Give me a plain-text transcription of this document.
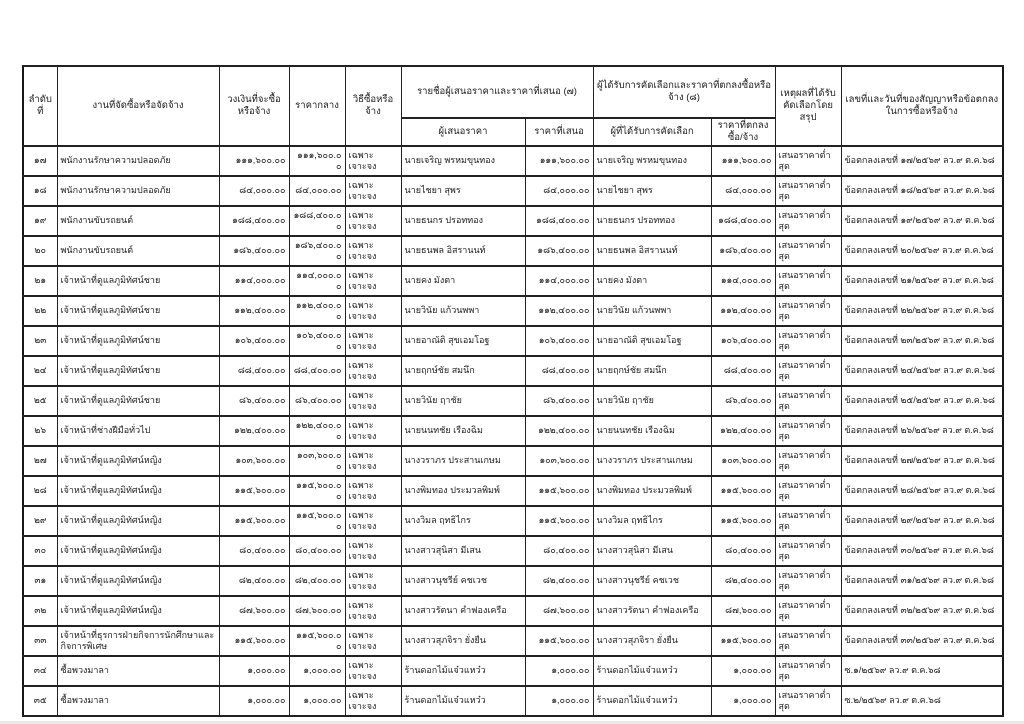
ลำดับที่	งานที่จัดซื้อหรือจัดจ้าง	วงเงินที่จะซื้อหรือจ้าง	ราคากลาง	วิธีซื้อหรือจ้าง	รายชื่อผู้เสนอราคาและราคาที่เสนอ (๗)		ผู้ได้รับการคัดเลือกและราคาที่ตกลงซื้อหรือจ้าง (๘)		เหตุผลที่ได้รับคัดเลือกโดยสรุป	เลขที่และวันที่ของสัญญาหรือข้อตกลงในการซื้อหรือจ้าง
					ผู้เสนอราคา	ราคาที่เสนอ	ผู้ที่ได้รับการคัดเลือก	ราคาที่ตกลงซื้อ/จ้าง		
๑๗	พนักงานรักษาความปลอดภัย	๑๑๑,๖๐๐.๐๐	๑๑๑,๖๐๐.๐๐	เฉพาะเจาะจง	นายเจริญ พรหมขุนทอง	๑๑๑,๖๐๐.๐๐	นายเจริญ พรหมขุนทอง	๑๑๑,๖๐๐.๐๐	เสนอราคาต่ำสุด	ข้อตกลงเลขที่ ๑๗/๒๕๖๙ ลว.๙ ต.ค.๖๘
๑๘	พนักงานรักษาความปลอดภัย	๘๔,๐๐๐.๐๐	๘๔,๐๐๐.๐๐	เฉพาะเจาะจง	นายไชยา สุพร	๘๔,๐๐๐.๐๐	นายไชยา สุพร	๘๔,๐๐๐.๐๐	เสนอราคาต่ำสุด	ข้อตกลงเลขที่ ๑๘/๒๕๖๙ ลว.๙ ต.ค.๖๘
๑๙	พนักงานขับรถยนต์	๑๘๘,๔๐๐.๐๐	๑๘๘,๔๐๐.๐๐	เฉพาะเจาะจง	นายธนกร ปรอททอง	๑๘๘,๔๐๐.๐๐	นายธนกร ปรอททอง	๑๘๘,๔๐๐.๐๐	เสนอราคาต่ำสุด	ข้อตกลงเลขที่ ๑๙/๒๕๖๙ ลว.๙ ต.ค.๖๘
๒๐	พนักงานขับรถยนต์	๑๘๖,๔๐๐.๐๐	๑๘๖,๔๐๐.๐๐	เฉพาะเจาะจง	นายธนพล อิสรานนท์	๑๘๖,๔๐๐.๐๐	นายธนพล อิสรานนท์	๑๘๖,๔๐๐.๐๐	เสนอราคาต่ำสุด	ข้อตกลงเลขที่ ๒๐/๒๕๖๙ ลว.๙ ต.ค.๖๘
๒๑	เจ้าหน้าที่ดูแลภูมิทัศน์ชาย	๑๑๔,๐๐๐.๐๐	๑๑๔,๐๐๐.๐๐	เฉพาะเจาะจง	นายคง มังตา	๑๑๔,๐๐๐.๐๐	นายคง มังตา	๑๑๔,๐๐๐.๐๐	เสนอราคาต่ำสุด	ข้อตกลงเลขที่ ๒๑/๒๕๖๙ ลว.๙ ต.ค.๖๘
๒๒	เจ้าหน้าที่ดูแลภูมิทัศน์ชาย	๑๑๒,๔๐๐.๐๐	๑๑๒,๔๐๐.๐๐	เฉพาะเจาะจง	นายวินัย แก้วนพพา	๑๑๒,๔๐๐.๐๐	นายวินัย แก้วนพพา	๑๑๒,๔๐๐.๐๐	เสนอราคาต่ำสุด	ข้อตกลงเลขที่ ๒๒/๒๕๖๙ ลว.๙ ต.ค.๖๘
๒๓	เจ้าหน้าที่ดูแลภูมิทัศน์ชาย	๑๐๖,๔๐๐.๐๐	๑๐๖,๔๐๐.๐๐	เฉพาะเจาะจง	นายอาณัติ สุขเอมโอฐ	๑๐๖,๔๐๐.๐๐	นายอาณัติ สุขเอมโอฐ	๑๐๖,๔๐๐.๐๐	เสนอราคาต่ำสุด	ข้อตกลงเลขที่ ๒๓/๒๕๖๙ ลว.๙ ต.ค.๖๘
๒๔	เจ้าหน้าที่ดูแลภูมิทัศน์ชาย	๘๘,๔๐๐.๐๐	๘๘,๔๐๐.๐๐	เฉพาะเจาะจง	นายฤกษ์ชัย สมนึก	๘๘,๔๐๐.๐๐	นายฤกษ์ชัย สมนึก	๘๘,๔๐๐.๐๐	เสนอราคาต่ำสุด	ข้อตกลงเลขที่ ๒๔/๒๕๖๙ ลว.๙ ต.ค.๖๘
๒๕	เจ้าหน้าที่ดูแลภูมิทัศน์ชาย	๘๖,๔๐๐.๐๐	๘๖,๔๐๐.๐๐	เฉพาะเจาะจง	นายวินัย ฤาชัย	๘๖,๔๐๐.๐๐	นายวินัย ฤาชัย	๘๖,๔๐๐.๐๐	เสนอราคาต่ำสุด	ข้อตกลงเลขที่ ๒๕/๒๕๖๙ ลว.๙ ต.ค.๖๘
๒๖	เจ้าหน้าที่ช่างฝีมือทั่วไป	๑๒๒,๔๐๐.๐๐	๑๒๒,๔๐๐.๐๐	เฉพาะเจาะจง	นายนนทชัย เรืองฉิม	๑๒๒,๔๐๐.๐๐	นายนนทชัย เรืองฉิม	๑๒๒,๔๐๐.๐๐	เสนอราคาต่ำสุด	ข้อตกลงเลขที่ ๒๖/๒๕๖๙ ลว.๙ ต.ค.๖๘
๒๗	เจ้าหน้าที่ดูแลภูมิทัศน์หญิง	๑๐๓,๖๐๐.๐๐	๑๐๓,๖๐๐.๐๐	เฉพาะเจาะจง	นางวราภร ประสานเกษม	๑๐๓,๖๐๐.๐๐	นางวราภร ประสานเกษม	๑๐๓,๖๐๐.๐๐	เสนอราคาต่ำสุด	ข้อตกลงเลขที่ ๒๗/๒๕๖๙ ลว.๙ ต.ค.๖๘
๒๘	เจ้าหน้าที่ดูแลภูมิทัศน์หญิง	๑๑๕,๖๐๐.๐๐	๑๑๕,๖๐๐.๐๐	เฉพาะเจาะจง	นางพิมทอง ประมวลพิมพ์	๑๑๕,๖๐๐.๐๐	นางพิมทอง ประมวลพิมพ์	๑๑๕,๖๐๐.๐๐	เสนอราคาต่ำสุด	ข้อตกลงเลขที่ ๒๘/๒๕๖๙ ลว.๙ ต.ค.๖๘
๒๙	เจ้าหน้าที่ดูแลภูมิทัศน์หญิง	๑๑๕,๖๐๐.๐๐	๑๑๕,๖๐๐.๐๐	เฉพาะเจาะจง	นางวิมล ฤทธิไกร	๑๑๕,๖๐๐.๐๐	นางวิมล ฤทธิไกร	๑๑๕,๖๐๐.๐๐	เสนอราคาต่ำสุด	ข้อตกลงเลขที่ ๒๙/๒๕๖๙ ลว.๙ ต.ค.๖๘
๓๐	เจ้าหน้าที่ดูแลภูมิทัศน์หญิง	๘๐,๔๐๐.๐๐	๘๐,๔๐๐.๐๐	เฉพาะเจาะจง	นางสาวสุนิสา มีเสน	๘๐,๔๐๐.๐๐	นางสาวสุนิสา มีเสน	๘๐,๔๐๐.๐๐	เสนอราคาต่ำสุด	ข้อตกลงเลขที่ ๓๐/๒๕๖๙ ลว.๙ ต.ค.๖๘
๓๑	เจ้าหน้าที่ดูแลภูมิทัศน์หญิง	๘๒,๔๐๐.๐๐	๘๒,๔๐๐.๐๐	เฉพาะเจาะจง	นางสาวนุชรีย์ คชเวช	๘๒,๔๐๐.๐๐	นางสาวนุชรีย์ คชเวช	๘๒,๔๐๐.๐๐	เสนอราคาต่ำสุด	ข้อตกลงเลขที่ ๓๑/๒๕๖๙ ลว.๙ ต.ค.๖๘
๓๒	เจ้าหน้าที่ดูแลภูมิทัศน์หญิง	๘๗,๖๐๐.๐๐	๘๗,๖๐๐.๐๐	เฉพาะเจาะจง	นางสาวรัตนา คำฟองเครือ	๘๗,๖๐๐.๐๐	นางสาวรัตนา คำฟองเครือ	๘๗,๖๐๐.๐๐	เสนอราคาต่ำสุด	ข้อตกลงเลขที่ ๓๒/๒๕๖๙ ลว.๙ ต.ค.๖๘
๓๓	เจ้าหน้าที่ธุรการฝ่ายกิจการนักศึกษาและกิจการพิเศษ	๑๑๕,๖๐๐.๐๐	๑๑๕,๖๐๐.๐๐	เฉพาะเจาะจง	นางสาวสุภจิรา ยั่งยืน	๑๑๕,๖๐๐.๐๐	นางสาวสุภจิรา ยั่งยืน	๑๑๕,๖๐๐.๐๐	เสนอราคาต่ำสุด	ข้อตกลงเลขที่ ๓๓/๒๕๖๙ ลว.๙ ต.ค.๖๘
๓๔	ซื้อพวงมาลา	๑,๐๐๐.๐๐	๑,๐๐๐.๐๐	เฉพาะเจาะจง	ร้านดอกไม้แจ๋วแหว๋ว	๑,๐๐๐.๐๐	ร้านดอกไม้แจ๋วแหว๋ว	๑,๐๐๐.๐๐	เสนอราคาต่ำสุด	ซ.๑/๒๕๖๙ ลว.๙ ต.ค.๖๘
๓๕	ซื้อพวงมาลา	๑,๐๐๐.๐๐	๑,๐๐๐.๐๐	เฉพาะเจาะจง	ร้านดอกไม้แจ๋วแหว๋ว	๑,๐๐๐.๐๐	ร้านดอกไม้แจ๋วแหว๋ว	๑,๐๐๐.๐๐	เสนอราคาต่ำสุด	ซ.๒/๒๕๖๙ ลว.๙ ต.ค.๖๘
